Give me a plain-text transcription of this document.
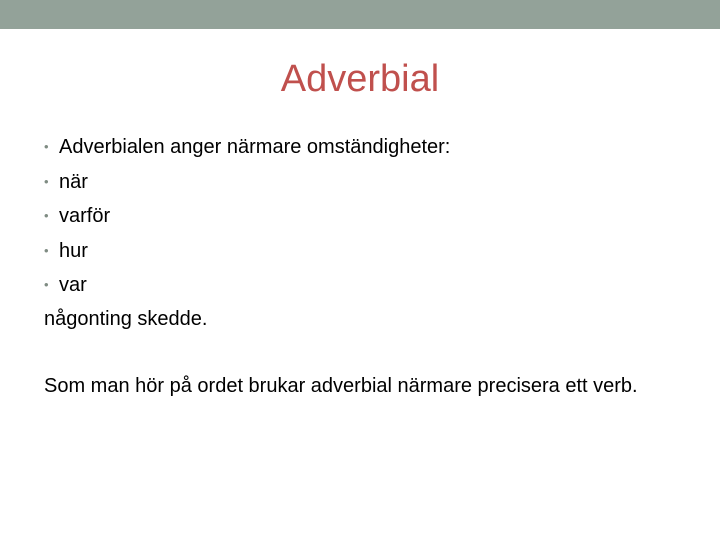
Adverbial
• Adverbialen anger närmare omständigheter:
• när
• varför
• hur
• var
någonting skedde.
Som man hör på ordet brukar adverbial närmare precisera ett verb.
